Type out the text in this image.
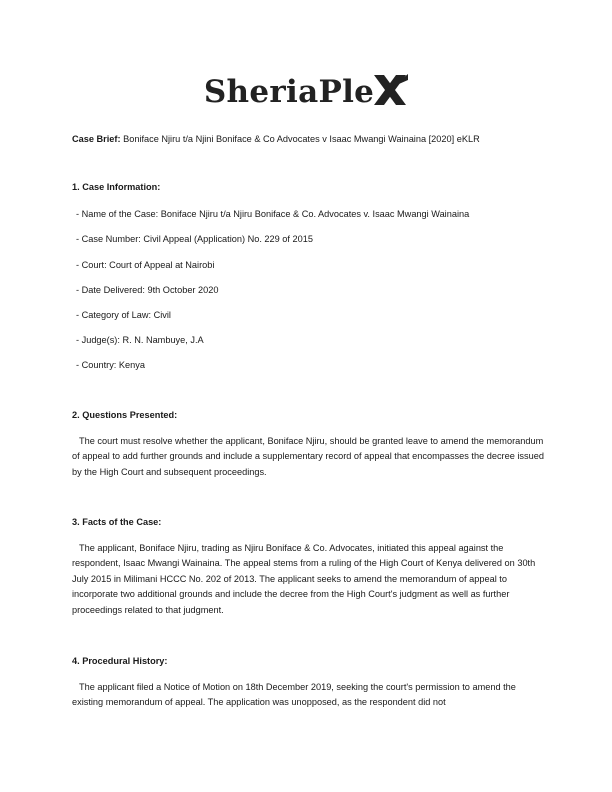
SheriaPle
Case Brief: Boniface Njiru t/a Njini Boniface & Co Advocates v Isaac Mwangi Wainaina [2020] eKLR
1. Case Information:
- Name of the Case: Boniface Njiru t/a Njiru Boniface & Co. Advocates v. Isaac Mwangi Wainaina
- Case Number: Civil Appeal (Application) No. 229 of 2015
- Court: Court of Appeal at Nairobi
- Date Delivered: 9th October 2020
- Category of Law: Civil
- Judge(s): R. N. Nambuye, J.A
- Country: Kenya
2. Questions Presented:
The court must resolve whether the applicant, Boniface Njiru, should be granted leave to amend the memorandum of appeal to add further grounds and include a supplementary record of appeal that encompasses the decree issued by the High Court and subsequent proceedings.
3. Facts of the Case:
The applicant, Boniface Njiru, trading as Njiru Boniface & Co. Advocates, initiated this appeal against the respondent, Isaac Mwangi Wainaina. The appeal stems from a ruling of the High Court of Kenya delivered on 30th July 2015 in Milimani HCCC No. 202 of 2013. The applicant seeks to amend the memorandum of appeal to incorporate two additional grounds and include the decree from the High Court's judgment as well as further proceedings related to that judgment.
4. Procedural History:
The applicant filed a Notice of Motion on 18th December 2019, seeking the court's permission to amend the existing memorandum of appeal. The application was unopposed, as the respondent did not
